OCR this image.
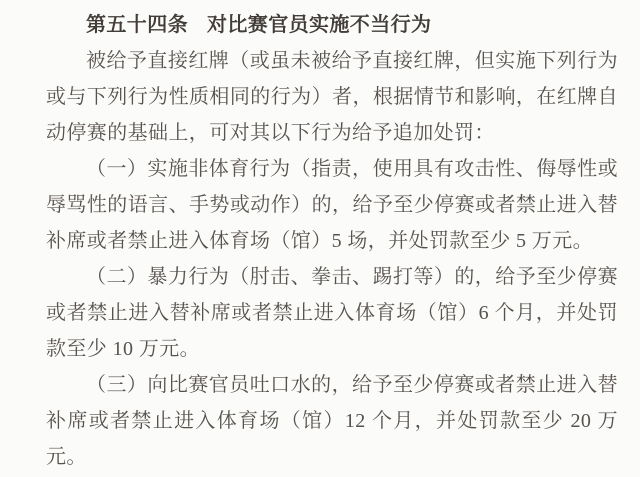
第五十四条 对比赛官员实施不当行为

被给予直接红牌（或虽未被给予直接红牌，但实施下列行为或与下列行为性质相同的行为）者，根据情节和影响，在红牌自动停赛的基础上，可对其以下行为给予追加处罚：

（一）实施非体育行为（指责，使用具有攻击性、侮辱性或辱骂性的语言、手势或动作）的，给予至少停赛或者禁止进入替补席或者禁止进入体育场（馆）5 场，并处罚款至少 5 万元。

（二）暴力行为（肘击、拳击、踢打等）的，给予至少停赛或者禁止进入替补席或者禁止进入体育场（馆）6 个月，并处罚款至少 10 万元。

（三）向比赛官员吐口水的，给予至少停赛或者禁止进入替补席或者禁止进入体育场（馆）12 个月，并处罚款至少 20 万元。
